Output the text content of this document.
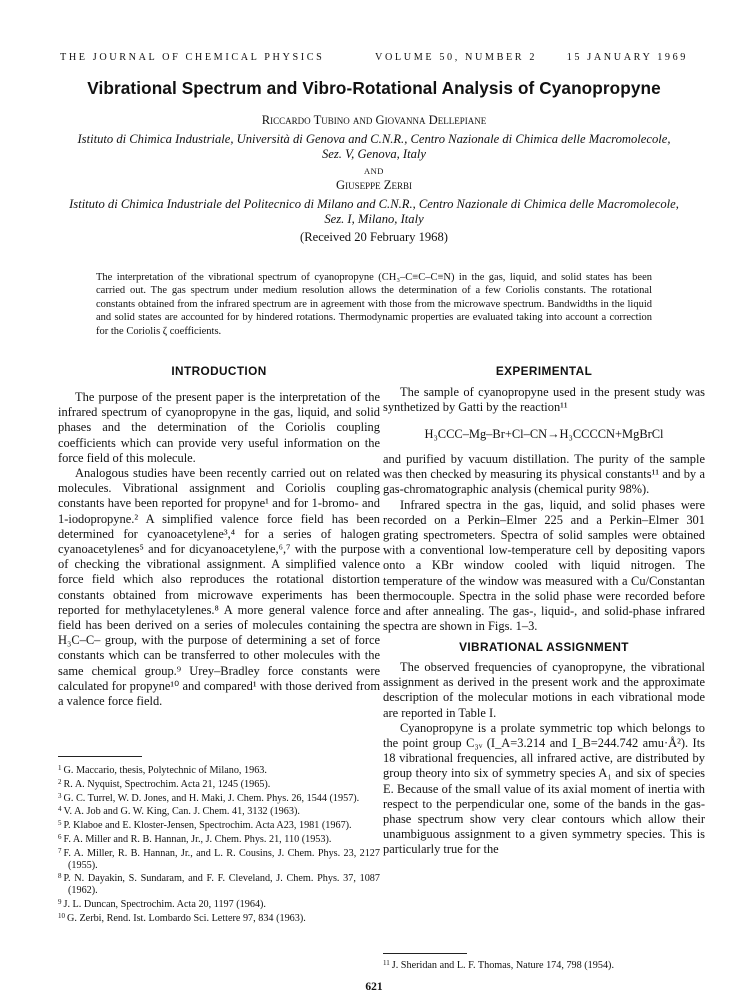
THE JOURNAL OF CHEMICAL PHYSICS	VOLUME 50, NUMBER 2	15 JANUARY 1969
Vibrational Spectrum and Vibro-Rotational Analysis of Cyanopropyne
Riccardo Tubino and Giovanna Dellepiane
Istituto di Chimica Industriale, Università di Genova and C.N.R., Centro Nazionale di Chimica delle Macromolecole,
Sez. V, Genova, Italy
AND
Giuseppe Zerbi
Istituto di Chimica Industriale del Politecnico di Milano and C.N.R., Centro Nazionale di Chimica delle Macromolecole,
Sez. I, Milano, Italy
(Received 20 February 1968)
The interpretation of the vibrational spectrum of cyanopropyne (CH₃–C≡C–C≡N) in the gas, liquid, and solid states has been carried out. The gas spectrum under medium resolution allows the determination of a few Coriolis constants. The rotational constants obtained from the infrared spectrum are in agreement with those from the microwave spectrum. Bandwidths in the liquid and solid states are accounted for by hindered rotations. Thermodynamic properties are evaluated taking into account a correction for the Coriolis ζ coefficients.
INTRODUCTION

The purpose of the present paper is the interpretation of the infrared spectrum of cyanopropyne in the gas, liquid, and solid phases and the determination of the Coriolis coupling coefficients which can provide very useful information on the force field of this molecule.

Analogous studies have been recently carried out on related molecules. Vibrational assignment and Coriolis coupling constants have been reported for propyne¹ and for 1-bromo- and 1-iodopropyne.² A simplified valence force field has been determined for cyanoacetylene³,⁴ for a series of halogen cyanoacetylenes⁵ and for dicyanoacetylene,⁶,⁷ with the purpose of checking the vibrational assignment. A simplified valence force field which also reproduces the rotational distortion constants obtained from microwave experiments has been reported for methylacetylenes.⁸ A more general valence force field has been derived on a series of molecules containing the H₃C–C– group, with the purpose of determining a set of force constants which can be transferred to other molecules with the same chemical group.⁹ Urey–Bradley force constants were calculated for propyne¹⁰ and compared¹ with those derived from a valence force field.

$^1$ G. Maccario, thesis, Polytechnic of Milano, 1963.
$^2$ R. A. Nyquist, Spectrochim. Acta 21, 1245 (1965).
$^3$ G. C. Turrel, W. D. Jones, and H. Maki, J. Chem. Phys. 26, 1544 (1957).
$^4$ V. A. Job and G. W. King, Can. J. Chem. 41, 3132 (1963).
$^5$ P. Klaboe and E. Kloster-Jensen, Spectrochim. Acta A23, 1981 (1967).
$^6$ F. A. Miller and R. B. Hannan, Jr., J. Chem. Phys. 21, 110 (1953).
$^7$ F. A. Miller, R. B. Hannan, Jr., and L. R. Cousins, J. Chem. Phys. 23, 2127 (1955).
$^8$ P. N. Dayakin, S. Sundaram, and F. F. Cleveland, J. Chem. Phys. 37, 1087 (1962).
$^9$ J. L. Duncan, Spectrochim. Acta 20, 1197 (1964).
$^{10}$ G. Zerbi, Rend. Ist. Lombardo Sci. Lettere 97, 834 (1963).
EXPERIMENTAL

The sample of cyanopropyne used in the present study was synthetized by Gatti by the reaction¹¹

H₃CCC–Mg–Br+Cl–CN→H₃CCCCN+MgBrCl

and purified by vacuum distillation. The purity of the sample was then checked by measuring its physical constants¹¹ and by a gas-chromatographic analysis (chemical purity 98%).

Infrared spectra in the gas, liquid, and solid phases were recorded on a Perkin–Elmer 225 and a Perkin–Elmer 301 grating spectrometers. Spectra of solid samples were obtained with a conventional low-temperature cell by depositing vapors onto a KBr window cooled with liquid nitrogen. The temperature of the window was measured with a Cu/Constantan thermocouple. Spectra in the solid phase were recorded before and after annealing. The gas-, liquid-, and solid-phase infrared spectra are shown in Figs. 1–3.

VIBRATIONAL ASSIGNMENT

The observed frequencies of cyanopropyne, the vibrational assignment as derived in the present work and the approximate description of the molecular motions in each vibrational mode are reported in Table I.

Cyanopropyne is a prolate symmetric top which belongs to the point group C₃ᵥ (I_A=3.214 and I_B=244.742 amu·Å²). Its 18 vibrational frequencies, all infrared active, are distributed by group theory into six of symmetry species A₁ and six of species E. Because of the small value of its axial moment of inertia with respect to the perpendicular one, some of the bands in the gas-phase spectrum show very clear contours which allow their unambiguous assignment to a given symmetry species. This is particularly true for the

$^{11}$ J. Sheridan and L. F. Thomas, Nature 174, 798 (1954).
621
